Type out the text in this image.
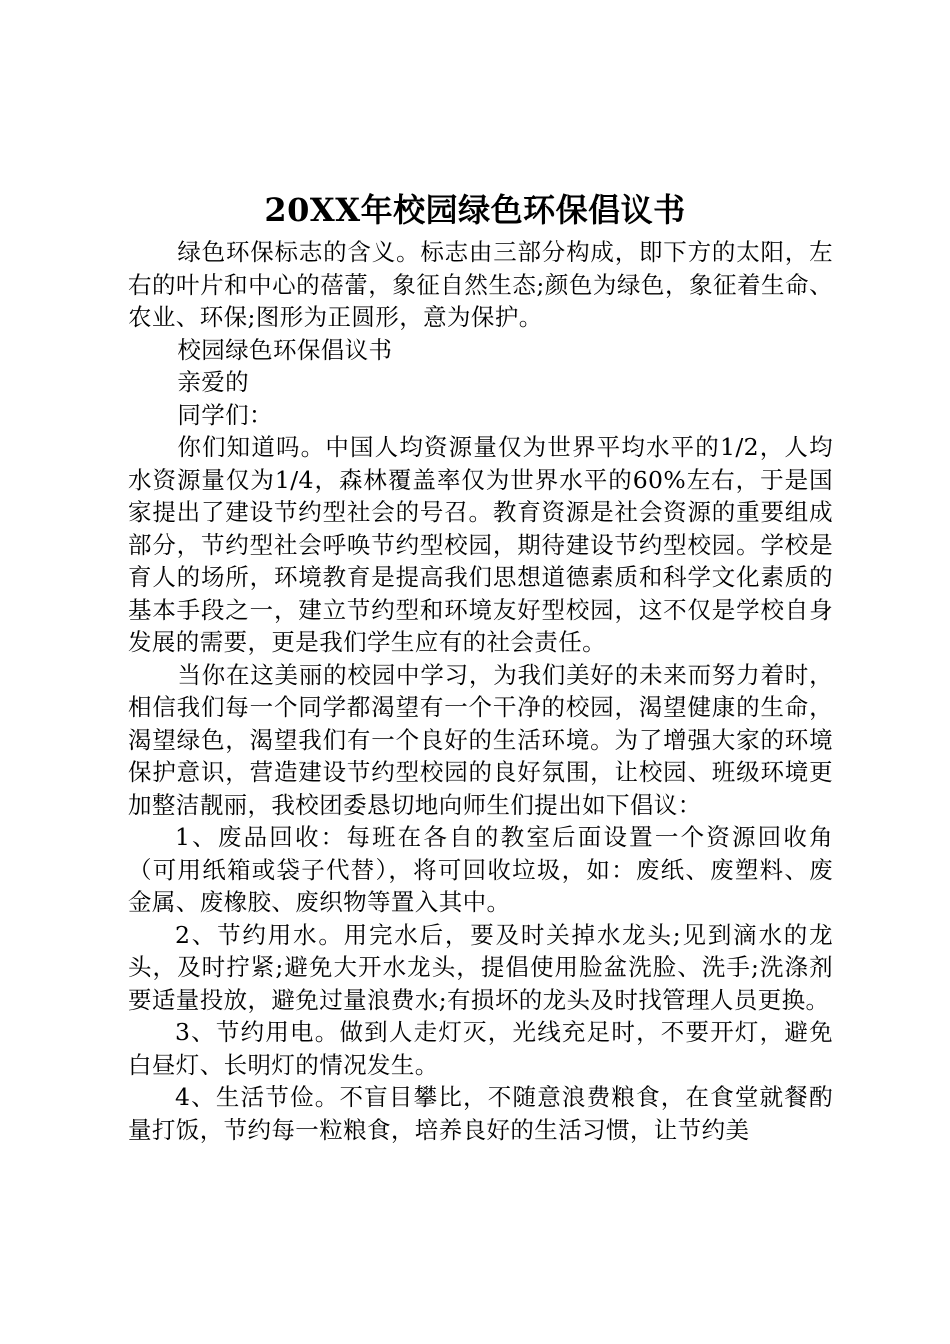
20XX年校园绿色环保倡议书

绿色环保标志的含义。标志由三部分构成，即下方的太阳，左右的叶片和中心的蓓蕾，象征自然生态;颜色为绿色，象征着生命、农业、环保;图形为正圆形，意为保护。

校园绿色环保倡议书

亲爱的

同学们：

你们知道吗。中国人均资源量仅为世界平均水平的1/2，人均水资源量仅为1/4，森林覆盖率仅为世界水平的60%左右，于是国家提出了建设节约型社会的号召。教育资源是社会资源的重要组成部分，节约型社会呼唤节约型校园，期待建设节约型校园。学校是育人的场所，环境教育是提高我们思想道德素质和科学文化素质的基本手段之一，建立节约型和环境友好型校园，这不仅是学校自身发展的需要，更是我们学生应有的社会责任。

当你在这美丽的校园中学习，为我们美好的未来而努力着时，相信我们每一个同学都渴望有一个干净的校园，渴望健康的生命，渴望绿色，渴望我们有一个良好的生活环境。为了增强大家的环境保护意识，营造建设节约型校园的良好氛围，让校园、班级环境更加整洁靓丽，我校团委恳切地向师生们提出如下倡议：

1、废品回收：每班在各自的教室后面设置一个资源回收角（可用纸箱或袋子代替），将可回收垃圾，如：废纸、废塑料、废金属、废橡胶、废织物等置入其中。

2、节约用水。用完水后，要及时关掉水龙头;见到滴水的龙头，及时拧紧;避免大开水龙头，提倡使用脸盆洗脸、洗手;洗涤剂要适量投放，避免过量浪费水;有损坏的龙头及时找管理人员更换。

3、节约用电。做到人走灯灭，光线充足时，不要开灯，避免白昼灯、长明灯的情况发生。

4、生活节俭。不盲目攀比，不随意浪费粮食，在食堂就餐酌量打饭，节约每一粒粮食，培养良好的生活习惯，让节约美
